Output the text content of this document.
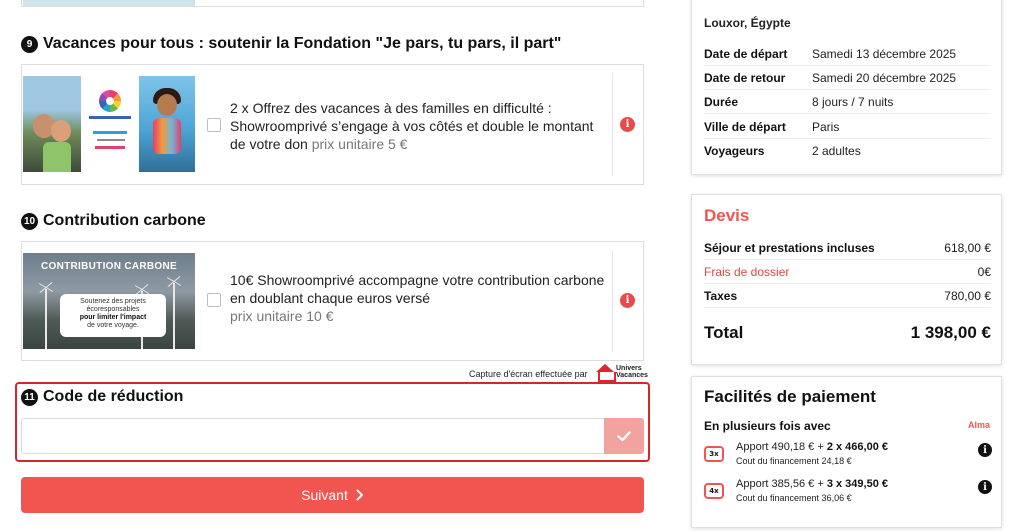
9 Vacances pour tous : soutenir la Fondation "Je pars, tu pars, il part"
2 x Offrez des vacances à des familles en difficulté : Showroomprivé s’engage à vos côtés et double le montant de votre don prix unitaire 5 €
i
10 Contribution carbone
CONTRIBUTION CARBONE
Soutenez des projets écoresponsables
pour limiter l'impact
de votre voyage.
10€ Showroomprivé accompagne votre contribution carbone en doublant chaque euros versé
prix unitaire 10 €
i
Capture d'écran effectuée par
Univers
Vacances
11 Code de réduction
Suivant
Louxor, Égypte
Date de départ	Samedi 13 décembre 2025
Date de retour	Samedi 20 décembre 2025
Durée	8 jours / 7 nuits
Ville de départ	Paris
Voyageurs	2 adultes
Devis
Séjour et prestations incluses	618,00 €
Frais de dossier	0€
Taxes	780,00 €
Total	1 398,00 €
Facilités de paiement
En plusieurs fois avec	Alma
3x
Apport 490,18 € + 2 x 466,00 €
Cout du financement 24,18 €
i
4x
Apport 385,56 € + 3 x 349,50 €
Cout du financement 36,06 €
i
